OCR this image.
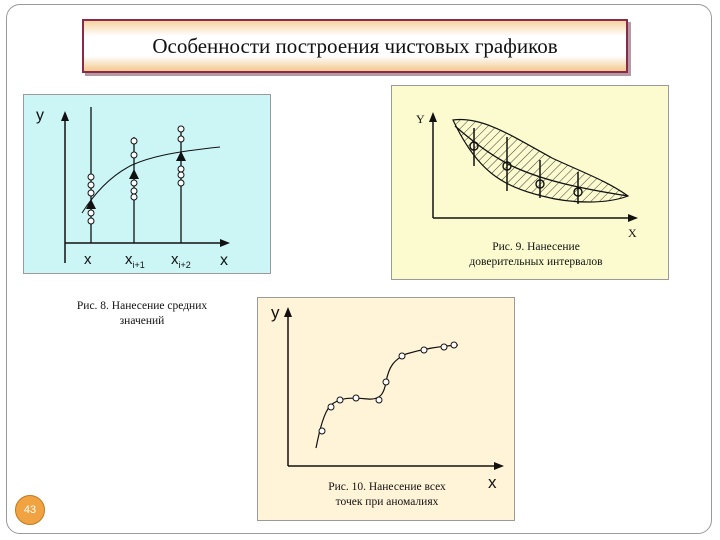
Особенности построения чистовых графиков
y
x
x $x_{i+1}$ $x_{i+2}$
Рис. 8. Нанесение средних
значений
Y
X
Рис. 9. Нанесение
доверительных интервалов
y
x
Рис. 10. Нанесение всех
точек при аномалиях
43
